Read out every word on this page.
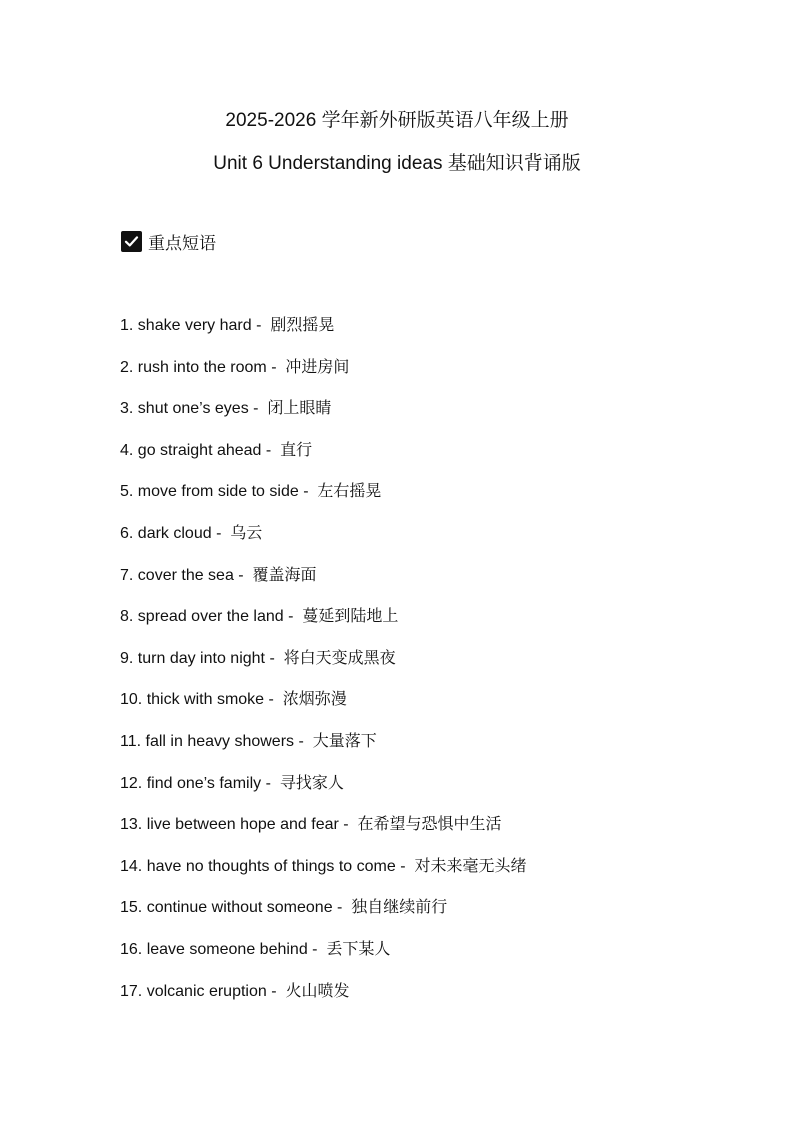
2025-2026 学年新外研版英语八年级上册
Unit 6 Understanding ideas 基础知识背诵版
重点短语
1. shake very hard -  剧烈摇晃
2. rush into the room -  冲进房间
3. shut one’s eyes -  闭上眼睛
4. go straight ahead -  直行
5. move from side to side -  左右摇晃
6. dark cloud -  乌云
7. cover the sea -  覆盖海面
8. spread over the land -  蔓延到陆地上
9. turn day into night -  将白天变成黑夜
10. thick with smoke -  浓烟弥漫
11. fall in heavy showers -  大量落下
12. find one’s family -  寻找家人
13. live between hope and fear -  在希望与恐惧中生活
14. have no thoughts of things to come -  对未来毫无头绪
15. continue without someone -  独自继续前行
16. leave someone behind -  丢下某人
17. volcanic eruption -  火山喷发
